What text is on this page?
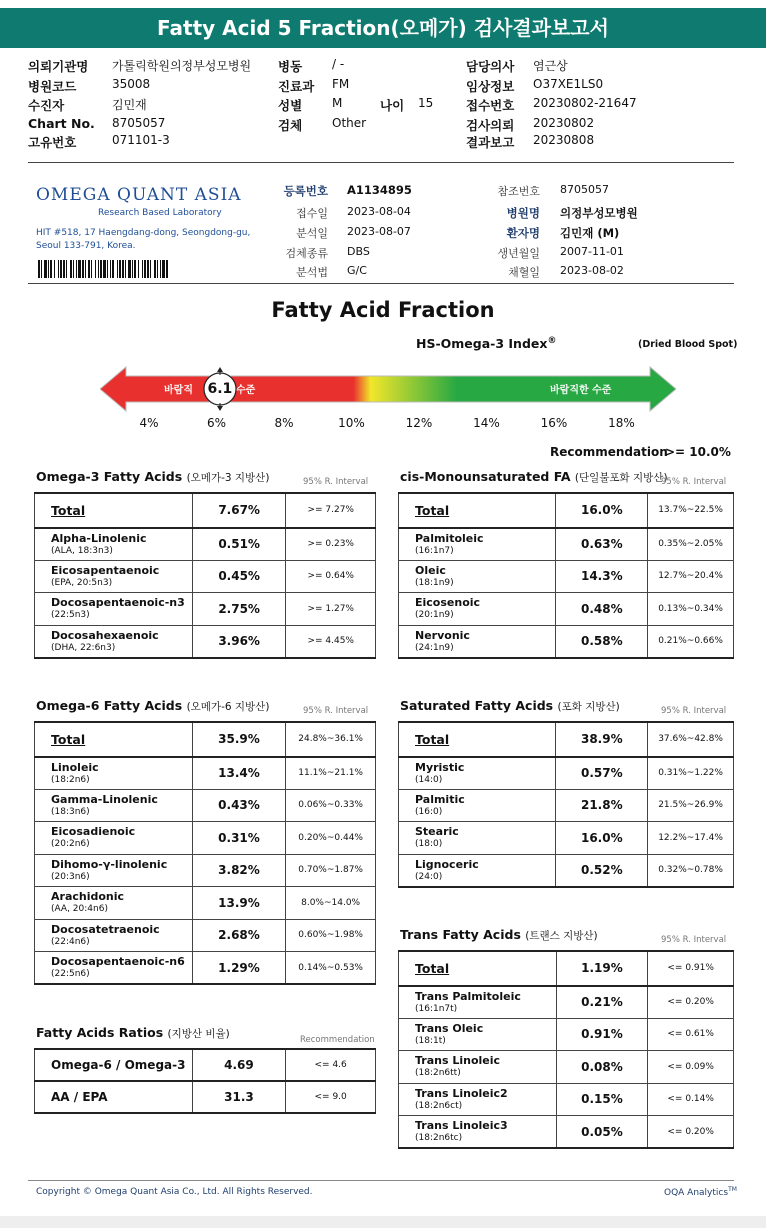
Fatty Acid 5 Fraction(오메가) 검사결과보고서
의뢰기관명 가톨릭학원의정부성모병원
병원코드	35008
수진자	김민재
Chart No. 8705057
고유번호	071101-3
병동 / -
진료과 FM
성별 M
검체 Other
담당의사 염근상
임상정보 O37XE1LS0
접수번호 20230802-21647
검사의뢰 20230802
결과보고 20230808
나이 15
OMEGA QUANT ASIA
Research Based Laboratory
HIT #518, 17 Haengdang-dong, Seongdong-gu,
Seoul 133-791, Korea.
등록번호 A1134895
접수일 2023-08-04
분석일 2023-08-07
검체종류 DBS
분석법 G/C
참조번호 8705057
병원명 의정부성모병원
환자명 김민재 (M)
생년월일 2007-11-01
채혈일 2023-08-02
Fatty Acid Fraction
HS-Omega-3 Index®	(Dried Blood Spot)
바람직	수준	바람직한 수준
6.1
4%	6%	8%	10%	12%	14%	16%	18%
Recommendation
>= 10.0%
Omega-3 Fatty Acids (오메가-3 지방산)	95% R. Interval
Total	7.67%	>= 7.27%
Alpha-Linolenic
(ALA, 18:3n3)	0.51%	>= 0.23%
Eicosapentaenoic
(EPA, 20:5n3)	0.45%	>= 0.64%
Docosapentaenoic-n3
(22:5n3)	2.75%	>= 1.27%
Docosahexaenoic
(DHA, 22:6n3)	3.96%	>= 4.45%
cis-Monounsaturated FA (단일불포화 지방산)
95% R. Interval
Total	16.0%	13.7%~22.5%
Palmitoleic
(16:1n7)	0.63%	0.35%~2.05%
Oleic
(18:1n9)	14.3%	12.7%~20.4%
Eicosenoic
(20:1n9)	0.48%	0.13%~0.34%
Nervonic
(24:1n9)	0.58%	0.21%~0.66%
Omega-6 Fatty Acids (오메가-6 지방산)	95% R. Interval
Total	35.9%	24.8%~36.1%
Linoleic
(18:2n6)	13.4%	11.1%~21.1%
Gamma-Linolenic
(18:3n6)	0.43%	0.06%~0.33%
Eicosadienoic
(20:2n6)	0.31%	0.20%~0.44%
Dihomo-γ-linolenic
(20:3n6)	3.82%	0.70%~1.87%
Arachidonic
(AA, 20:4n6)	13.9%	8.0%~14.0%
Docosatetraenoic
(22:4n6)	2.68%	0.60%~1.98%
Docosapentaenoic-n6
(22:5n6)	1.29%	0.14%~0.53%
Saturated Fatty Acids (포화 지방산)	95% R. Interval
Total	38.9%	37.6%~42.8%
Myristic
(14:0)	0.57%	0.31%~1.22%
Palmitic
(16:0)	21.8%	21.5%~26.9%
Stearic
(18:0)	16.0%	12.2%~17.4%
Lignoceric
(24:0)	0.52%	0.32%~0.78%
Trans Fatty Acids (트랜스 지방산)	95% R. Interval
Total	1.19%	<= 0.91%
Trans Palmitoleic
(16:1n7t)	0.21%	<= 0.20%
Trans Oleic
(18:1t)	0.91%	<= 0.61%
Trans Linoleic
(18:2n6tt)	0.08%	<= 0.09%
Trans Linoleic2
(18:2n6ct)	0.15%	<= 0.14%
Trans Linoleic3
(18:2n6tc)	0.05%	<= 0.20%
Fatty Acids Ratios (지방산 비율)	Recommendation
Omega-6 / Omega-3	4.69	<= 4.6
AA / EPA	31.3	<= 9.0
Copyright © Omega Quant Asia Co., Ltd. All Rights Reserved.	OQA Analytics™
